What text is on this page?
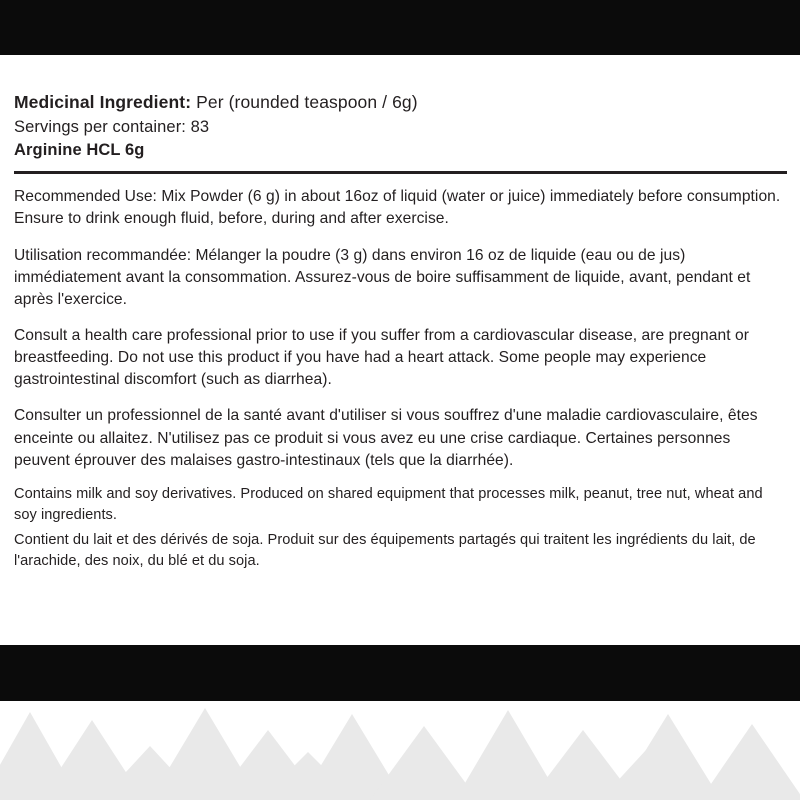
Medicinal Ingredient: Per (rounded teaspoon / 6g)
Servings per container: 83
Arginine HCL 6g

Recommended Use: Mix Powder (6 g) in about 16oz of liquid (water or juice) immediately before consumption. Ensure to drink enough fluid, before, during and after exercise.

Utilisation recommandée: Mélanger la poudre (3 g) dans environ 16 oz de liquide (eau ou de jus) immédiatement avant la consommation. Assurez-vous de boire suffisamment de liquide, avant, pendant et après l'exercice.

Consult a health care professional prior to use if you suffer from a cardiovascular disease, are pregnant or breastfeeding. Do not use this product if you have had a heart attack. Some people may experience gastrointestinal discomfort (such as diarrhea).

Consulter un professionnel de la santé avant d'utiliser si vous souffrez d'une maladie cardiovasculaire, êtes enceinte ou allaitez. N'utilisez pas ce produit si vous avez eu une crise cardiaque. Certaines personnes peuvent éprouver des malaises gastro-intestinaux (tels que la diarrhée).

Contains milk and soy derivatives. Produced on shared equipment that processes milk, peanut, tree nut, wheat and soy ingredients.

Contient du lait et des dérivés de soja. Produit sur des équipements partagés qui traitent les ingrédients du lait, de l'arachide, des noix, du blé et du soja.
